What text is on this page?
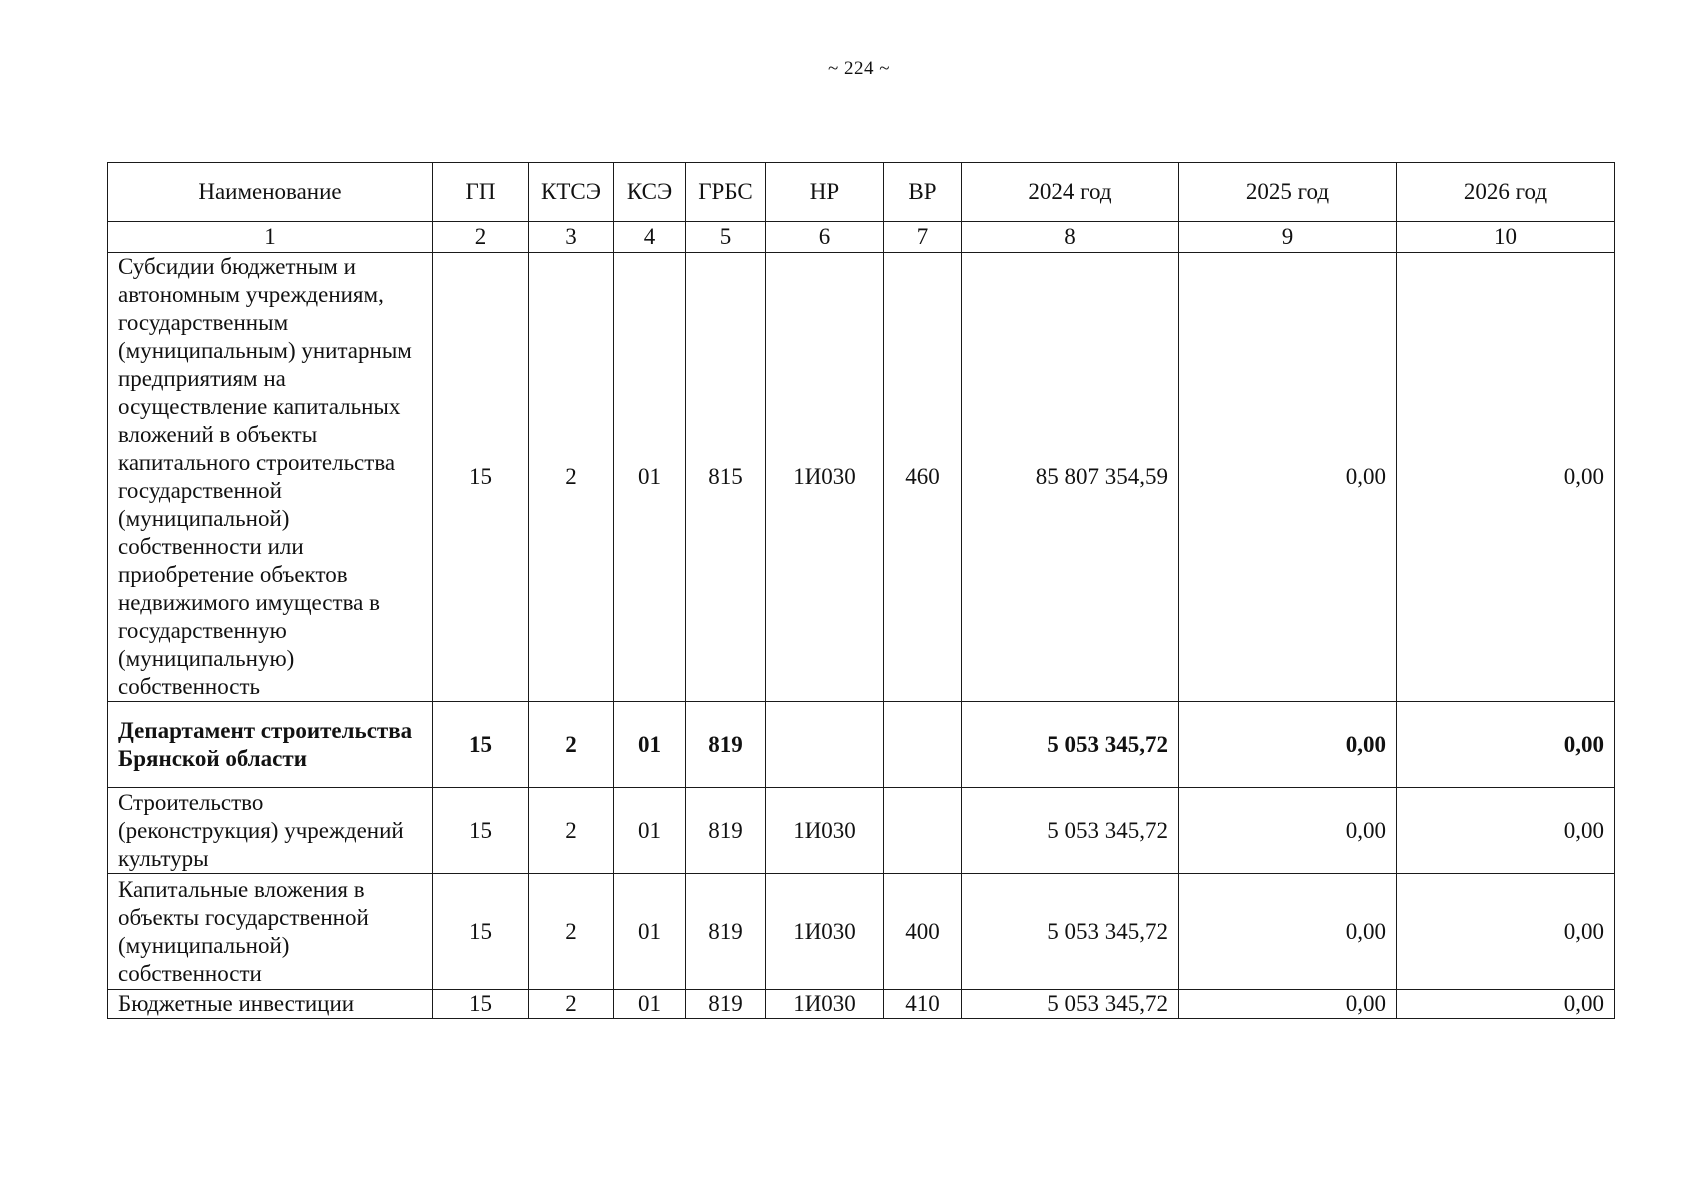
~ 224 ~
Наименование	ГП	КТСЭ	КСЭ	ГРБС	НР	ВР	2024 год	2025 год	2026 год
1	2	3	4	5	6	7	8	9	10
Субсидии бюджетным и автономным учреждениям, государственным (муниципальным) унитарным предприятиям на осуществление капитальных вложений в объекты капитального строительства государственной (муниципальной) собственности или приобретение объектов недвижимого имущества в государственную (муниципальную) собственность	15	2	01	815	1И030	460	85 807 354,59	0,00	0,00
Департамент строительства Брянской области	15	2	01	819			5 053 345,72	0,00	0,00
Строительство (реконструкция) учреждений культуры	15	2	01	819	1И030		5 053 345,72	0,00	0,00
Капитальные вложения в объекты государственной (муниципальной) собственности	15	2	01	819	1И030	400	5 053 345,72	0,00	0,00
Бюджетные инвестиции	15	2	01	819	1И030	410	5 053 345,72	0,00	0,00
